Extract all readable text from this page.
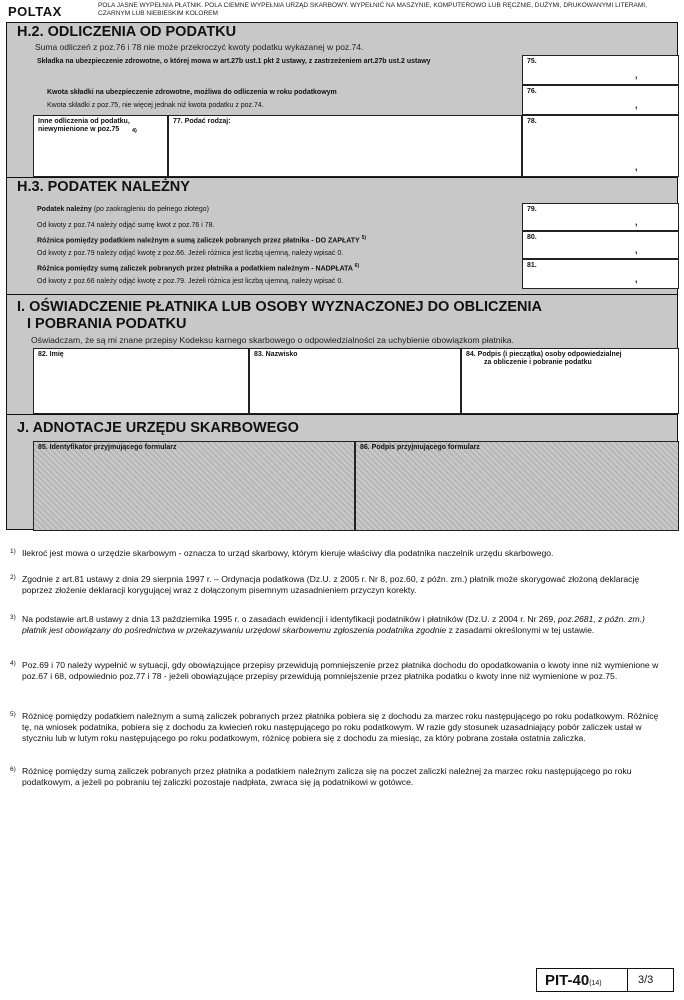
POLTAX	POLA JASNE WYPEŁNIA PŁATNIK. POLA CIEMNE WYPEŁNIA URZĄD SKARBOWY. WYPEŁNIĆ NA MASZYNIE, KOMPUTEROWO LUB RĘCZNIE, DUŻYMI, DRUKOWANYMI LITERAMI, CZARNYM LUB NIEBIESKIM KOLOREM
H.2. ODLICZENIA OD PODATKU
Suma odliczeń z poz.76 i 78 nie może przekroczyć kwoty podatku wykazanej w poz.74.
Składka na ubezpieczenie zdrowotne, o której mowa w art.27b ust.1 pkt 2 ustawy, z zastrzeżeniem art.27b ust.2 ustawy	75.
,
Kwota składki na ubezpieczenie zdrowotne, możliwa do odliczenia w roku podatkowym
Kwota składki z poz.75, nie więcej jednak niż kwota podatku z poz.74.
76.
,
Inne odliczenia od podatku, niewymienione w poz.75	4)
77. Podać rodzaj:	78.
,
H.3. PODATEK NALEŻNY
Podatek należny (po zaokrągleniu do pełnego złotego)
Od kwoty z poz.74 należy odjąć sumę kwot z poz.76 i 78.
79.
,
Różnica pomiędzy podatkiem należnym a sumą zaliczek pobranych przez płatnika - DO ZAPŁATY $^{5)}$
Od kwoty z poz.79 należy odjąć kwotę z poz.66. Jeżeli różnica jest liczbą ujemną, należy wpisać 0.
80.
,
Różnica pomiędzy sumą zaliczek pobranych przez płatnika a podatkiem należnym - NADPŁATA $^{6)}$
Od kwoty z poz.66 należy odjąć kwotę z poz.79. Jeżeli różnica jest liczbą ujemną, należy wpisać 0.
81.
,
I. OŚWIADCZENIE PŁATNIKA LUB OSOBY WYZNACZONEJ DO OBLICZENIA
I POBRANIA PODATKU
Oświadczam, że są mi znane przepisy Kodeksu karnego skarbowego o odpowiedzialności za uchybienie obowiązkom płatnika.
82. Imię	83. Nazwisko	84. Podpis (i pieczątka) osoby odpowiedzialnej
za obliczenie i pobranie podatku
J. ADNOTACJE URZĘDU SKARBOWEGO
85. Identyfikator przyjmującego formularz	86. Podpis przyjmującego formularz
1) Ilekroć jest mowa o urzędzie skarbowym - oznacza to urząd skarbowy, którym kieruje właściwy dla podatnika naczelnik urzędu skarbowego.
2) Zgodnie z art.81 ustawy z dnia 29 sierpnia 1997 r. – Ordynacja podatkowa (Dz.U. z 2005 r. Nr 8, poz.60, z późn. zm.) płatnik może skorygować złożoną deklarację poprzez złożenie deklaracji korygującej wraz z dołączonym pisemnym uzasadnieniem przyczyn korekty.
3) Na podstawie art.8 ustawy z dnia 13 października 1995 r. o zasadach ewidencji i identyfikacji podatników i płatników (Dz.U. z 2004 r. Nr 269, poz.2681, z późn. zm.) płatnik jest obowiązany do pośrednictwa w przekazywaniu urzędowi skarbowemu zgłoszenia podatnika zgodnie z zasadami określonymi w tej ustawie.
4) Poz.69 i 70 należy wypełnić w sytuacji, gdy obowiązujące przepisy przewidują pomniejszenie przez płatnika dochodu do opodatkowania o kwoty inne niż wymienione w poz.67 i 68, odpowiednio poz.77 i 78 - jeżeli obowiązujące przepisy przewidują pomniejszenie przez płatnika podatku o kwoty inne niż wymienione w poz.75.
5) Różnicę pomiędzy podatkiem należnym a sumą zaliczek pobranych przez płatnika pobiera się z dochodu za marzec roku następującego po roku podatkowym. Różnicę tę, na wniosek podatnika, pobiera się z dochodu za kwiecień roku następującego po roku podatkowym. W razie gdy stosunek uzasadniający pobór zaliczek ustał w styczniu lub w lutym roku następującego po roku podatkowym, różnicę pobiera się z dochodu za miesiąc, za który pobrana została ostatnia zaliczka.
6) Różnicę pomiędzy sumą zaliczek pobranych przez płatnika a podatkiem należnym zalicza się na poczet zaliczki należnej za marzec roku następującego po roku podatkowym, a jeżeli po pobraniu tej zaliczki pozostaje nadpłata, zwraca się ją podatnikowi w gotówce.
PIT-40(14)	3/3
